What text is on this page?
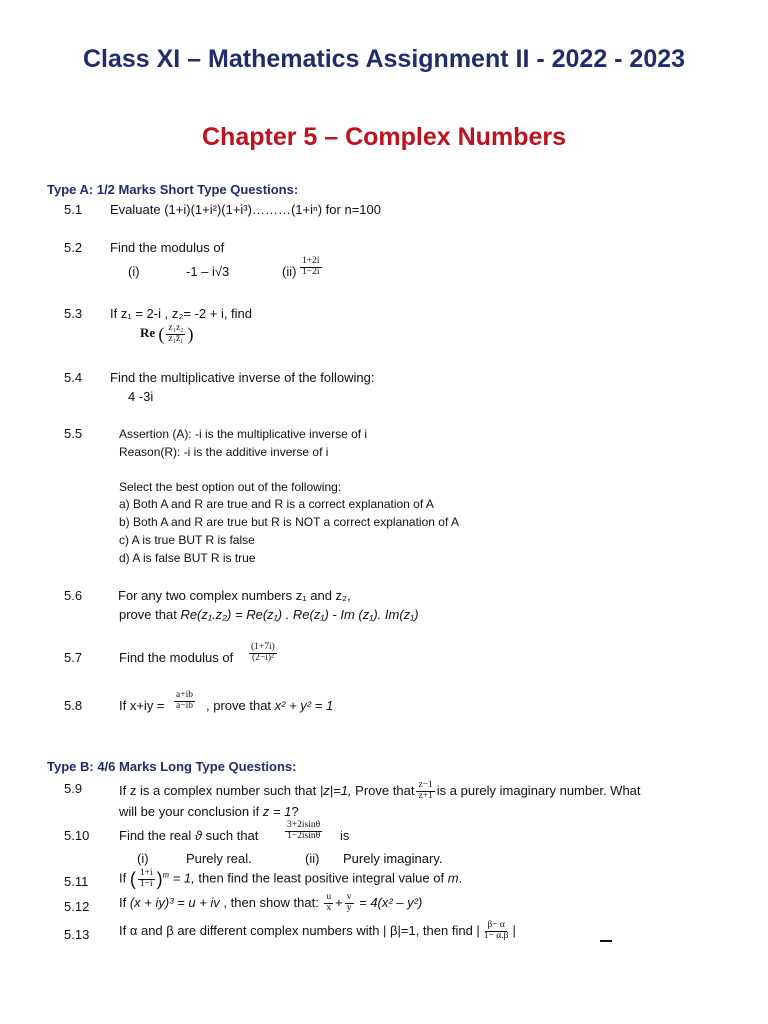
Class XI – Mathematics Assignment II - 2022 - 2023
Chapter 5 – Complex Numbers
Type A: 1/2 Marks Short Type Questions:
5.1 Evaluate (1+i)(1+i²)(1+i³)………(1+iⁿ) for n=100
5.2 Find the modulus of
(i)	-1 – i√3	$(ii) \frac{1+2i}{1-2i}$
5.3 If z₁ = 2-i , z₂= -2 + i, find
Re ( $\frac{\text{z₁z₂}}{\text{z₁z̄₁}}$ )
5.4 Find the multiplicative inverse of the following:
4 -3i
5.5	Assertion (A): -i is the multiplicative inverse of i
Reason(R): -i is the additive inverse of i
Select the best option out of the following:
a) Both A and R are true and R is a correct explanation of A
b) Both A and R are true but R is NOT a correct explanation of A
c) A is true BUT R is false
d) A is false BUT R is true
5.6	For any two complex numbers z₁ and z₂,
prove that Re(z₁.z₂) = Re(z₁) . Re(z₁) - Im (z₁). Im(z₁)
5.7	Find the modulus of $\frac{(1+7i)}{\text{(2−i)²}}$
5.8	If $x+iy = \frac{a+ib}{a-ib}$ , prove that x² + y² = 1
Type B: 4/6 Marks Long Type Questions:
5.9	If z is a complex number such that |z|=1, Prove that $\frac{z-1}{z+1}$ is a purely imaginary number. What
will be your conclusion if z = 1?
5.10 Find the real ϑ such that	$\frac{3+2isin\theta}{1-2isin\theta}$ is
(i)	Purely real.	(ii) Purely imaginary.
5.11 If ( $\frac{1+i}{1-i} )^m = 1$, then find the least positive integral value of m.
5.12 If (x + iy)³ = u + iv , then show that: $\frac{u}{x} + \frac{v}{y} = 4(x^2 - y^2)$
5.13 If α and β are different complex numbers with | β|=1, then find | $\frac{\beta- \alpha}{1- \alpha.\beta}$ |
